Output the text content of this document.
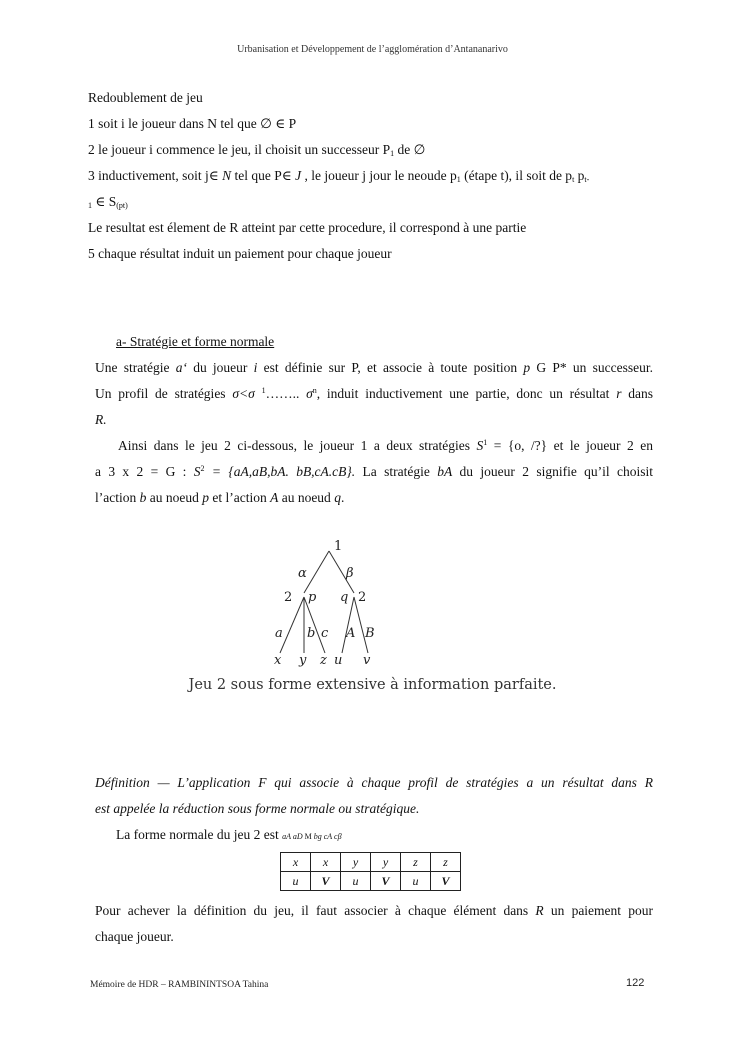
Urbanisation et Développement de l’agglomération d’Antananarivo
Redoublement de jeu
1 soit i le joueur dans N tel que ∅ ∈ P
2 le joueur i commence le jeu, il choisit un successeur $P_1$ de ∅
3 inductivement, soit j∈ N tel que P∈ J , le joueur j jour le neoude $p_1$ (étape t), il soit de $p_t$ $p_{t-}$
$_1$ ∈ $S_{(pt)}$
Le resultat est élement de R atteint par cette procedure, il correspond à une partie
5 chaque résultat induit un paiement pour chaque joueur
a- Stratégie et forme normale
Une stratégie a‘ du joueur i est définie sur P, et associe à toute position p G P* un successeur.
Un profil de stratégies σ<σ $^1$…….. $\sigma^n$, induit inductivement une partie, donc un résultat r dans
R.
Ainsi dans le jeu 2 ci-dessous, le joueur 1 a deux stratégies $S^1 = \{o$, /?} et le joueur 2 en
a 3 x 2 = G : $S^2 = \{aA,aB,bA$. bB,cA.cB}. La stratégie bA du joueur 2 signifie qu’il choisit
l’action b au noeud p et l’action A au noeud q.
1
α	β
2 p q 2
a b c A B
x y z u v
Jeu 2 sous forme extensive à information parfaite.
Définition — L’application F qui associe à chaque profil de stratégies a un résultat dans R
est appelée la réduction sous forme normale ou stratégique.
La forme normale du jeu 2 est aA aD M bg cA cβ
x	x	y	y	z	z
u	V	u	V	u	V
Pour achever la définition du jeu, il faut associer à chaque élément dans R un paiement pour
chaque joueur.
Mémoire de HDR – RAMBININTSOA Tahina	122
